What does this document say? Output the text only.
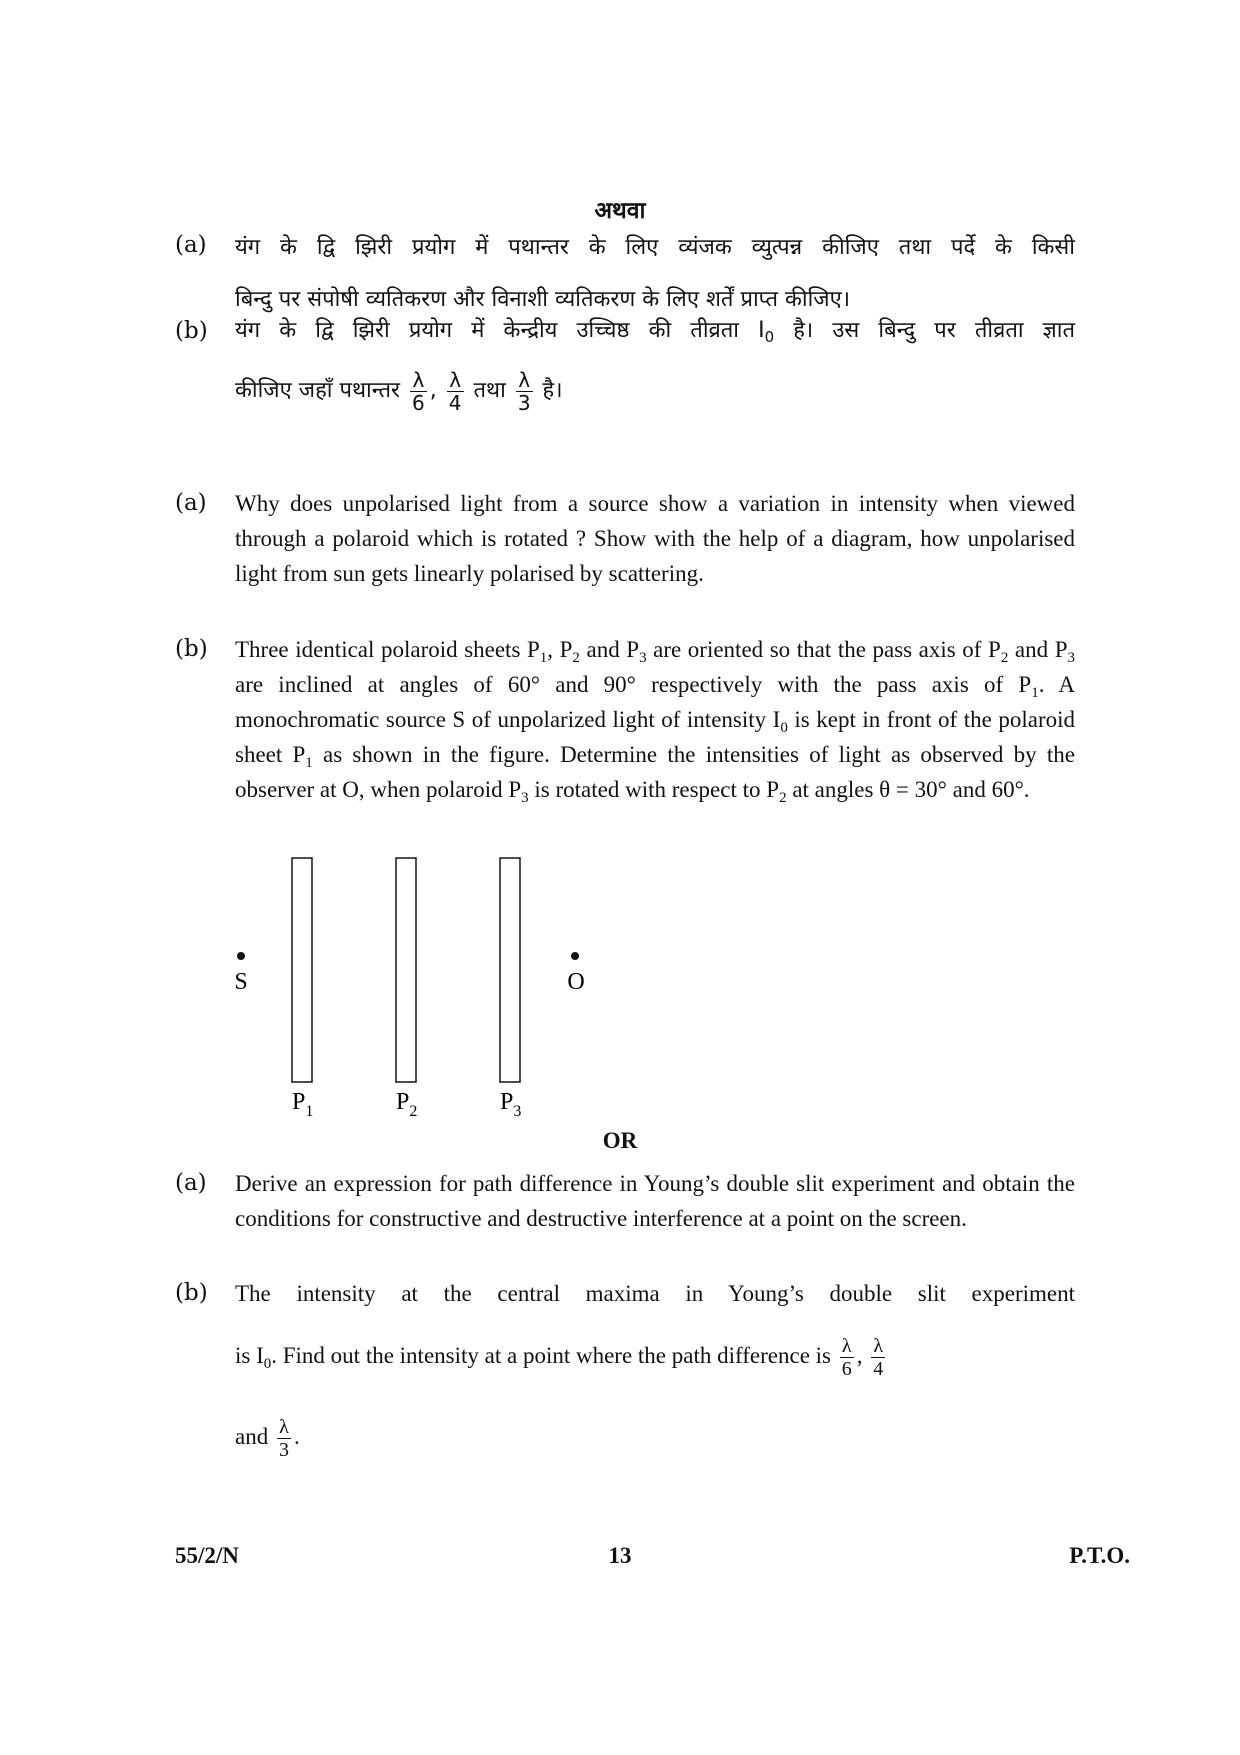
अथवा
(a) यंग के द्वि झिरी प्रयोग में पथान्तर के लिए व्यंजक व्युत्पन्न कीजिए तथा पर्दे के किसी
बिन्दु पर संपोषी व्यतिकरण और विनाशी व्यतिकरण के लिए शर्तें प्राप्त कीजिए।
(b) यंग के द्वि झिरी प्रयोग में केन्द्रीय उच्चिष्ठ की तीव्रता $I_0$ है। उस बिन्दु पर तीव्रता ज्ञात
कीजिए जहाँ पथान्तर $\frac{\lambda}{6}$ , $\frac{\lambda}{4}$ तथा $\frac{\lambda}{3}$ है।
(a) Why does unpolarised light from a source show a variation in intensity when viewed through a polaroid which is rotated ? Show with the help of a diagram, how unpolarised light from sun gets linearly polarised by scattering.
(b) Three identical polaroid sheets $P_1$, $P_2$ and $P_3$ are oriented so that the pass axis of $P_2$ and $P_3$ are inclined at angles of 60° and 90° respectively with the pass axis of $P_1$. A monochromatic source S of unpolarized light of intensity $I_0$ is kept in front of the polaroid sheet $P_1$ as shown in the figure. Determine the intensities of light as observed by the observer at O, when polaroid $P_3$ is rotated with respect to $P_2$ at angles θ = 30° and 60°.
S	O
$P_1$	$P_2$	$P_3$
OR
(a) Derive an expression for path difference in Young’s double slit experiment and obtain the conditions for constructive and destructive interference at a point on the screen.
(b) The intensity at the central maxima in Young’s double slit experiment
is $I_0$. Find out the intensity at a point where the path difference is $\frac{\lambda}{6}$ , $\frac{\lambda}{4}$
and $\frac{\lambda}{3}$ .
55/2/N	13	P.T.O.
